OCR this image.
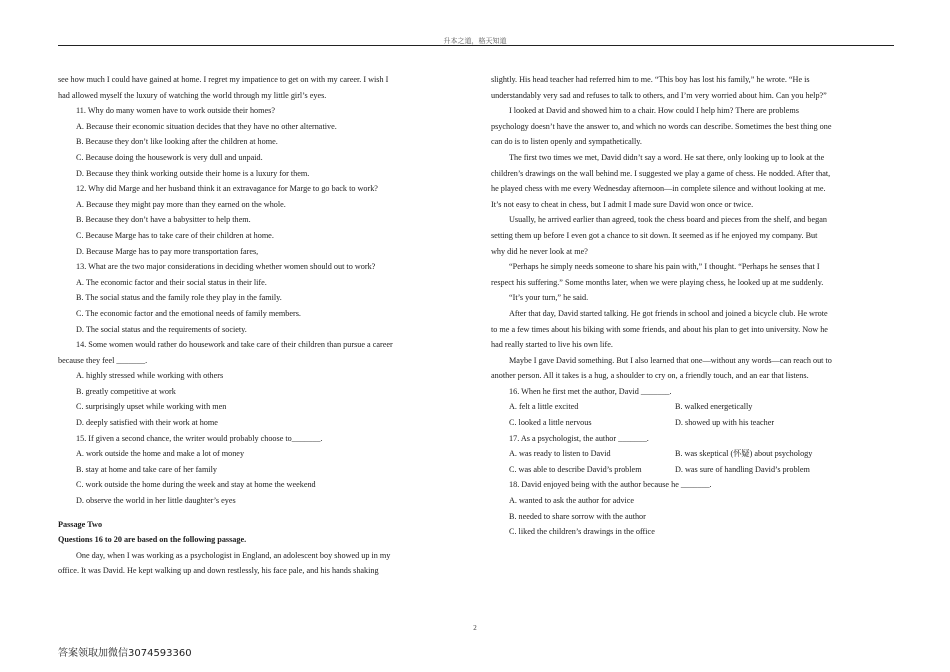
升本之道，格天知道

see how much I could have gained at home. I regret my impatience to get on with my career. I wish I

had allowed myself the luxury of watching the world through my little girl’s eyes.

11. Why do many women have to work outside their homes?

A. Because their economic situation decides that they have no other alternative.

B. Because they don’t like looking after the children at home.

C. Because doing the housework is very dull and unpaid.

D. Because they think working outside their home is a luxury for them.

12. Why did Marge and her husband think it an extravagance for Marge to go back to work?

A. Because they might pay more than they earned on the whole.

B. Because they don’t have a babysitter to help them.

C. Because Marge has to take care of their children at home.

D. Because Marge has to pay more transportation fares,

13. What are the two major considerations in deciding whether women should out to work?

A. The economic factor and their social status in their life.

B. The social status and the family role they play in the family.

C. The economic factor and the emotional needs of family members.

D. The social status and the requirements of society.

14. Some women would rather do housework and take care of their children than pursue a career

because they feel _______.

A. highly stressed while working with others

B. greatly competitive at work

C. surprisingly upset while working with men

D. deeply satisfied with their work at home

15. If given a second chance, the writer would probably choose to_______.

A. work outside the home and make a lot of money

B. stay at home and take care of her family

C. work outside the home during the week and stay at home the weekend

D. observe the world in her little daughter’s eyes

Passage Two

Questions 16 to 20 are based on the following passage.

One day, when I was working as a psychologist in England, an adolescent boy showed up in my

office. It was David. He kept walking up and down restlessly, his face pale, and his hands shaking

slightly. His head teacher had referred him to me. “This boy has lost his family,” he wrote. “He is

understandably very sad and refuses to talk to others, and I’m very worried about him. Can you help?”

I looked at David and showed him to a chair. How could I help him? There are problems

psychology doesn’t have the answer to, and which no words can describe. Sometimes the best thing one

can do is to listen openly and sympathetically.

The first two times we met, David didn’t say a word. He sat there, only looking up to look at the

children’s drawings on the wall behind me. I suggested we play a game of chess. He nodded. After that,

he played chess with me every Wednesday afternoon—in complete silence and without looking at me.

It’s not easy to cheat in chess, but I admit I made sure David won once or twice.

Usually, he arrived earlier than agreed, took the chess board and pieces from the shelf, and began

setting them up before I even got a chance to sit down. It seemed as if he enjoyed my company. But

why did he never look at me?

“Perhaps he simply needs someone to share his pain with,” I thought. “Perhaps he senses that I

respect his suffering.” Some months later, when we were playing chess, he looked up at me suddenly.

“It’s your turn,” he said.

After that day, David started talking. He got friends in school and joined a bicycle club. He wrote

to me a few times about his biking with some friends, and about his plan to get into university. Now he

had really started to live his own life.

Maybe I gave David something. But I also learned that one—without any words—can reach out to

another person. All it takes is a hug, a shoulder to cry on, a friendly touch, and an ear that listens.

16. When he first met the author, David _______.

A. felt a little excited	B. walked energetically
C. looked a little nervous	D. showed up with his teacher

17. As a psychologist, the author _______.

A. was ready to listen to David	B. was skeptical (怀疑) about psychology
C. was able to describe David’s problem	D. was sure of handling David’s problem

18. David enjoyed being with the author because he _______.

A. wanted to ask the author for advice

B. needed to share sorrow with the author

C. liked the children’s drawings in the office

2
答案领取加微信3074593360
